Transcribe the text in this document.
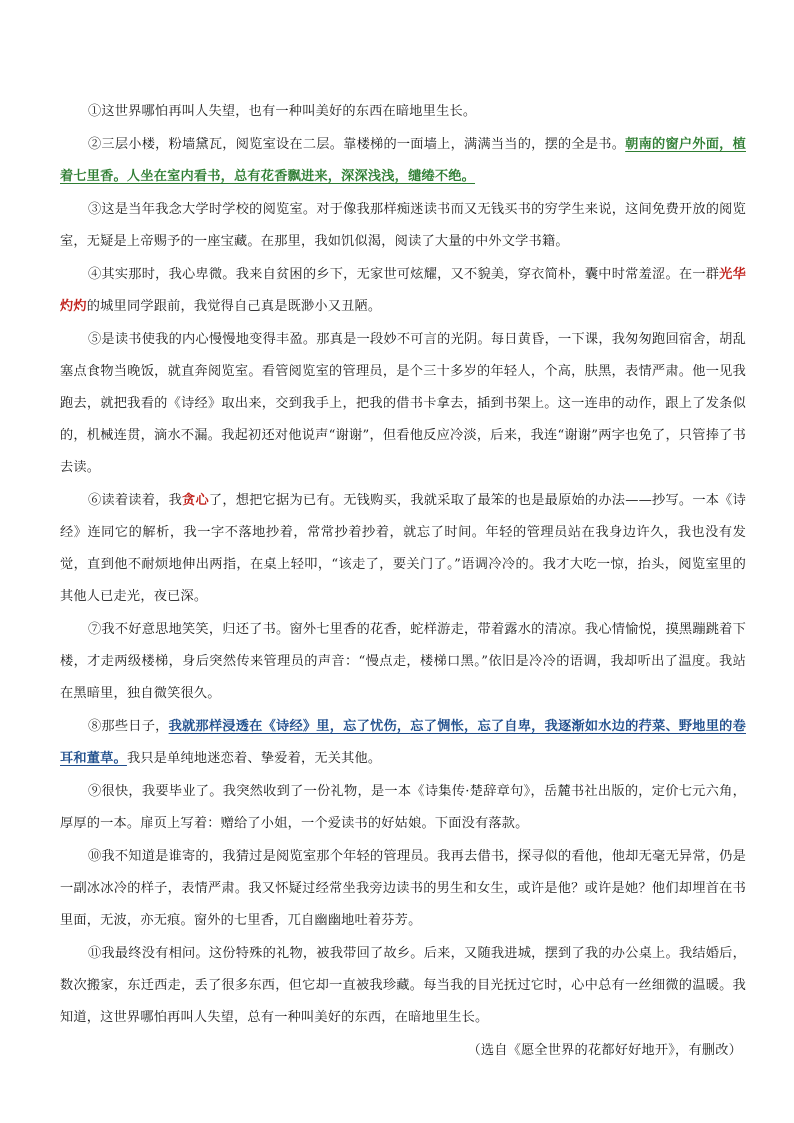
①这世界哪怕再叫人失望，也有一种叫美好的东西在暗地里生长。

②三层小楼，粉墙黛瓦，阅览室设在二层。靠楼梯的一面墙上，满满当当的，摆的全是书。朝南的窗户外面，植着七里香。人坐在室内看书，总有花香飘进来，深深浅浅，缱绻不绝。

③这是当年我念大学时学校的阅览室。对于像我那样痴迷读书而又无钱买书的穷学生来说，这间免费开放的阅览室，无疑是上帝赐予的一座宝藏。在那里，我如饥似渴，阅读了大量的中外文学书籍。

④其实那时，我心卑微。我来自贫困的乡下，无家世可炫耀，又不貌美，穿衣简朴，囊中时常羞涩。在一群光华灼灼的城里同学跟前，我觉得自己真是既渺小又丑陋。

⑤是读书使我的内心慢慢地变得丰盈。那真是一段妙不可言的光阴。每日黄昏，一下课，我匆匆跑回宿舍，胡乱塞点食物当晚饭，就直奔阅览室。看管阅览室的管理员，是个三十多岁的年轻人，个高，肤黑，表情严肃。他一见我跑去，就把我看的《诗经》取出来，交到我手上，把我的借书卡拿去，插到书架上。这一连串的动作，跟上了发条似的，机械连贯，滴水不漏。我起初还对他说声“谢谢”，但看他反应冷淡，后来，我连“谢谢”两字也免了，只管捧了书去读。

⑥读着读着，我贪心了，想把它据为已有。无钱购买，我就采取了最笨的也是最原始的办法——抄写。一本《诗经》连同它的解析，我一字不落地抄着，常常抄着抄着，就忘了时间。年轻的管理员站在我身边许久，我也没有发觉，直到他不耐烦地伸出两指，在桌上轻叩，“该走了，要关门了。”语调冷冷的。我才大吃一惊，抬头，阅览室里的其他人已走光，夜已深。

⑦我不好意思地笑笑，归还了书。窗外七里香的花香，蛇样游走，带着露水的清凉。我心情愉悦，摸黑蹦跳着下楼，才走两级楼梯，身后突然传来管理员的声音：“慢点走，楼梯口黑。”依旧是冷冷的语调，我却听出了温度。我站在黑暗里，独自微笑很久。

⑧那些日子，我就那样浸透在《诗经》里，忘了忧伤，忘了惆怅，忘了自卑，我逐渐如水边的荇菜、野地里的卷耳和董草。我只是单纯地迷恋着、挚爱着，无关其他。

⑨很快，我要毕业了。我突然收到了一份礼物，是一本《诗集传·楚辞章句》，岳麓书社出版的，定价七元六角，厚厚的一本。扉页上写着：赠给了小姐，一个爱读书的好姑娘。下面没有落款。

⑩我不知道是谁寄的，我猜过是阅览室那个年轻的管理员。我再去借书，探寻似的看他，他却无毫无异常，仍是一副冰冰冷的样子，表情严肃。我又怀疑过经常坐我旁边读书的男生和女生，或许是他？或许是她？他们却埋首在书里面，无波，亦无痕。窗外的七里香，兀自幽幽地吐着芬芳。

⑪我最终没有相问。这份特殊的礼物，被我带回了故乡。后来，又随我进城，摆到了我的办公桌上。我结婚后，数次搬家，东迁西走，丢了很多东西，但它却一直被我珍藏。每当我的目光抚过它时，心中总有一丝细微的温暖。我知道，这世界哪怕再叫人失望，总有一种叫美好的东西，在暗地里生长。

（选自《愿全世界的花都好好地开》，有删改）
